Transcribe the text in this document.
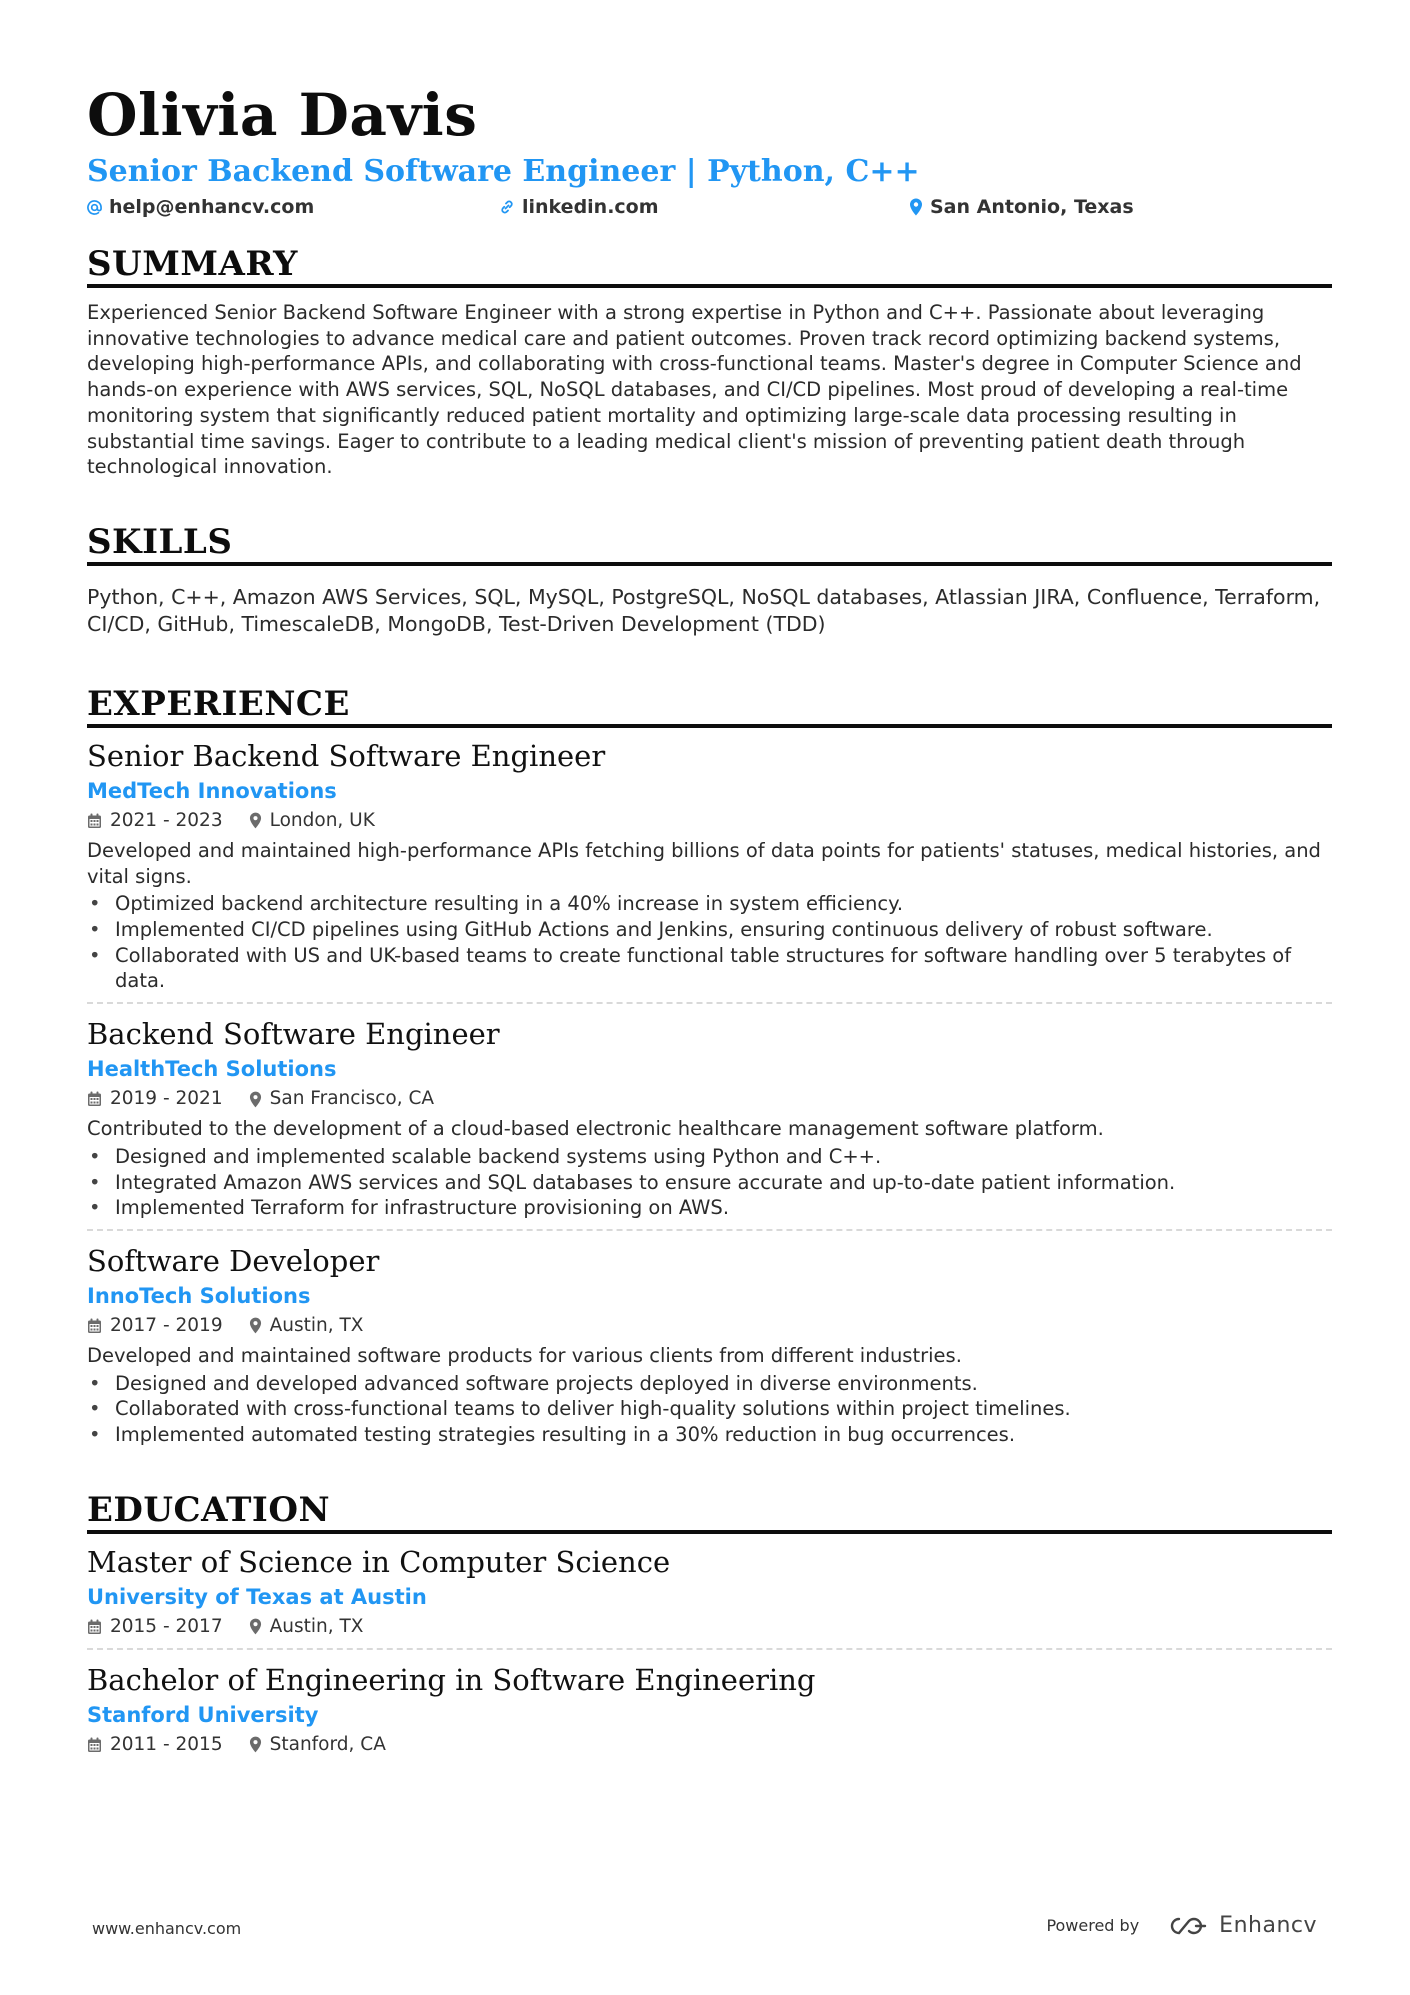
Olivia Davis
Senior Backend Software Engineer | Python, C++
help@enhancv.com	linkedin.com	San Antonio, Texas
SUMMARY
Experienced Senior Backend Software Engineer with a strong expertise in Python and C++. Passionate about leveraging innovative technologies to advance medical care and patient outcomes. Proven track record optimizing backend systems, developing high-performance APIs, and collaborating with cross-functional teams. Master's degree in Computer Science and hands-on experience with AWS services, SQL, NoSQL databases, and CI/CD pipelines. Most proud of developing a real-time monitoring system that significantly reduced patient mortality and optimizing large-scale data processing resulting in substantial time savings. Eager to contribute to a leading medical client's mission of preventing patient death through technological innovation.
SKILLS
Python, C++, Amazon AWS Services, SQL, MySQL, PostgreSQL, NoSQL databases, Atlassian JIRA, Confluence, Terraform, CI/CD, GitHub, TimescaleDB, MongoDB, Test-Driven Development (TDD)
EXPERIENCE
Senior Backend Software Engineer
MedTech Innovations
2021 - 2023	London, UK
Developed and maintained high-performance APIs fetching billions of data points for patients' statuses, medical histories, and vital signs.
• Optimized backend architecture resulting in a 40% increase in system efficiency.
• Implemented CI/CD pipelines using GitHub Actions and Jenkins, ensuring continuous delivery of robust software.
• Collaborated with US and UK-based teams to create functional table structures for software handling over 5 terabytes of data.
Backend Software Engineer
HealthTech Solutions
2019 - 2021	San Francisco, CA
Contributed to the development of a cloud-based electronic healthcare management software platform.
• Designed and implemented scalable backend systems using Python and C++.
• Integrated Amazon AWS services and SQL databases to ensure accurate and up-to-date patient information.
• Implemented Terraform for infrastructure provisioning on AWS.
Software Developer
InnoTech Solutions
2017 - 2019	Austin, TX
Developed and maintained software products for various clients from different industries.
• Designed and developed advanced software projects deployed in diverse environments.
• Collaborated with cross-functional teams to deliver high-quality solutions within project timelines.
• Implemented automated testing strategies resulting in a 30% reduction in bug occurrences.
EDUCATION
Master of Science in Computer Science
University of Texas at Austin
2015 - 2017	Austin, TX
Bachelor of Engineering in Software Engineering
Stanford University
2011 - 2015	Stanford, CA
www.enhancv.com	Powered by	Enhancv
